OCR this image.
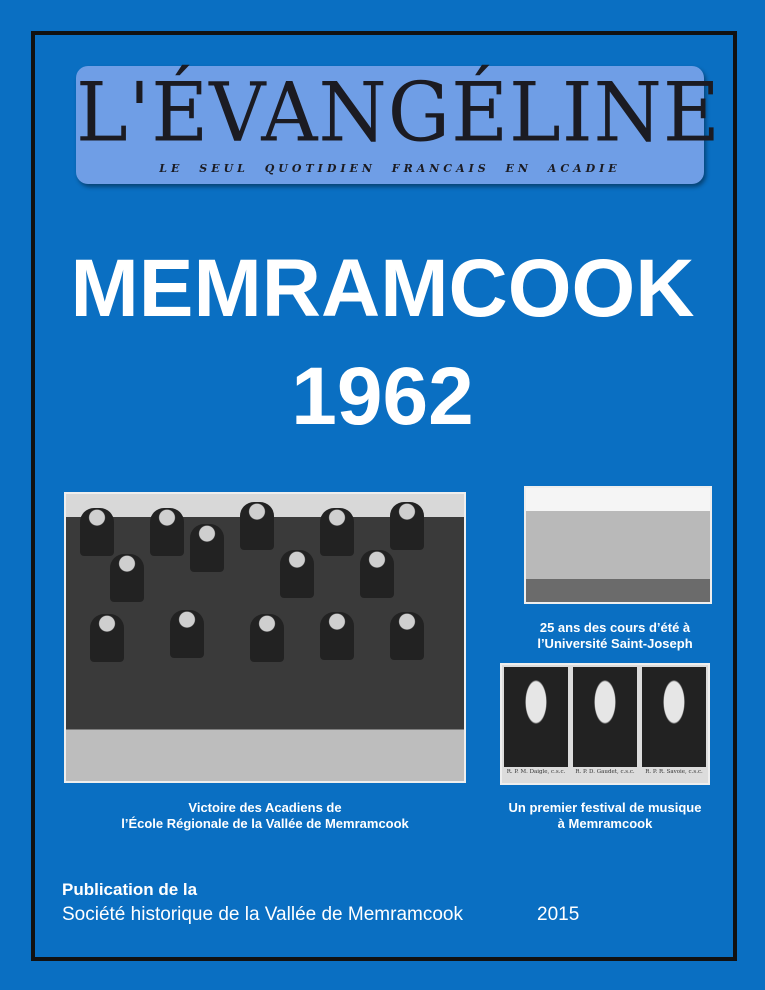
L'ÉVANGÉLINE
LE SEUL QUOTIDIEN FRANCAIS EN ACADIE
MEMRAMCOOK
1962
R. P. M. Daigle, c.s.c.	R. P. D. Gaudet, c.s.c.	R. P. R. Savoie, c.s.c.
25 ans des cours d’été à
l’Université Saint-Joseph
Victoire des Acadiens de
l’École Régionale de la Vallée de Memramcook
Un premier festival de musique
à Memramcook
Publication de la
Société historique de la Vallée de Memramcook	2015
